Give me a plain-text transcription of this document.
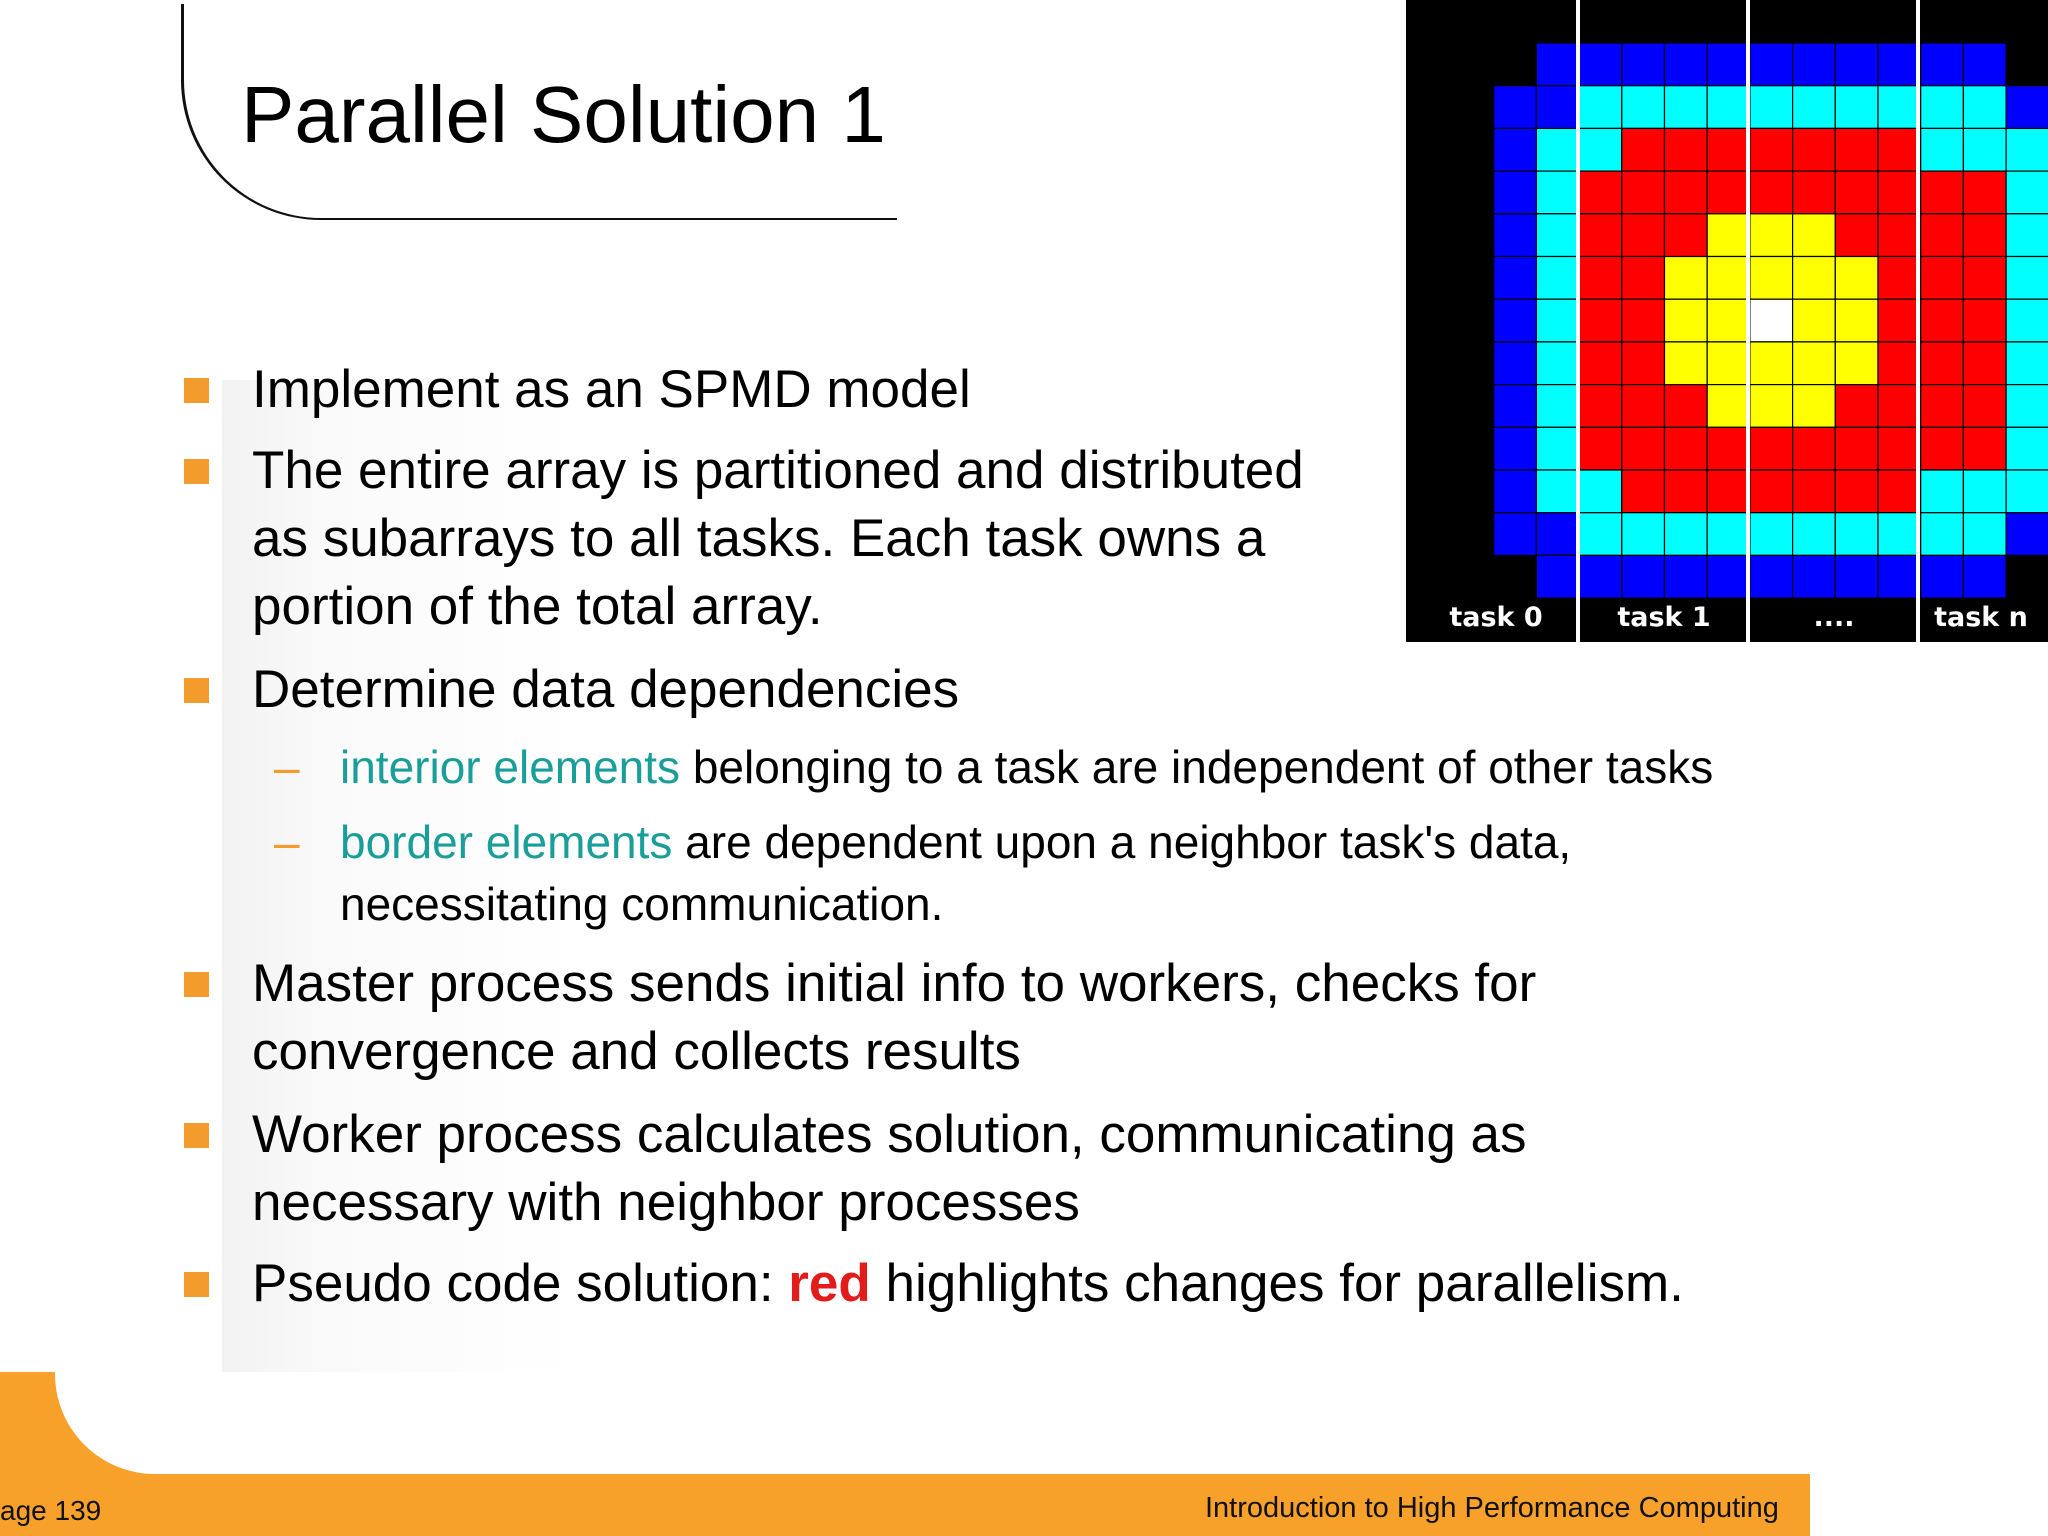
Parallel Solution 1
Implement as an SPMD model
The entire array is partitioned and distributed
as subarrays to all tasks. Each task owns a
portion of the total array.
Determine data dependencies
– interior elements belonging to a task are independent of other tasks
– border elements are dependent upon a neighbor task's data,
necessitating communication.
Master process sends initial info to workers, checks for
convergence and collects results
Worker process calculates solution, communicating as
necessary with neighbor processes
Pseudo code solution: red highlights changes for parallelism.
task 0	task 1	....	task n
age 139	Introduction to High Performance Computing
